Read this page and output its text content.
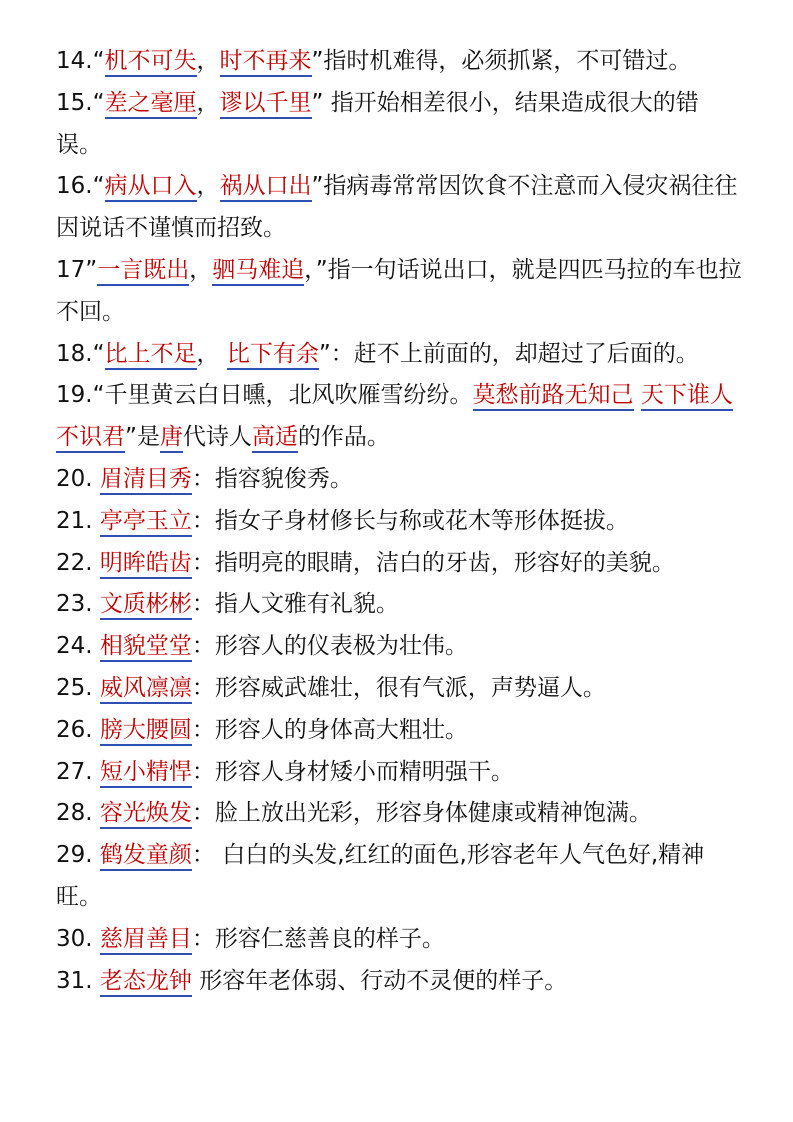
14.“机不可失，时不再来”指时机难得，必须抓紧，不可错过。

15.“差之毫厘，谬以千里” 指开始相差很小，结果造成很大的错误。

16.“病从口入，祸从口出”指病毒常常因饮食不注意而入侵灾祸往往因说话不谨慎而招致。

17”一言既出，驷马难追，”指一句话说出口，就是四匹马拉的车也拉不回。

18.“比上不足， 比下有余”：赶不上前面的，却超过了后面的。

19.“千里黄云白日曛，北风吹雁雪纷纷。莫愁前路无知己 天下谁人不识君”是唐代诗人高适的作品。

20. 眉清目秀：指容貌俊秀。

21. 亭亭玉立：指女子身材修长与称或花木等形体挺拔。

22. 明眸皓齿：指明亮的眼睛，洁白的牙齿，形容好的美貌。

23. 文质彬彬：指人文雅有礼貌。

24. 相貌堂堂：形容人的仪表极为壮伟。

25. 威风凛凛：形容威武雄壮，很有气派，声势逼人。

26. 膀大腰圆：形容人的身体高大粗壮。

27. 短小精悍：形容人身材矮小而精明强干。

28. 容光焕发：脸上放出光彩，形容身体健康或精神饱满。

29. 鹤发童颜： 白白的头发,红红的面色,形容老年人气色好,精神旺。

30. 慈眉善目：形容仁慈善良的样子。

31. 老态龙钟 形容年老体弱、行动不灵便的样子。
